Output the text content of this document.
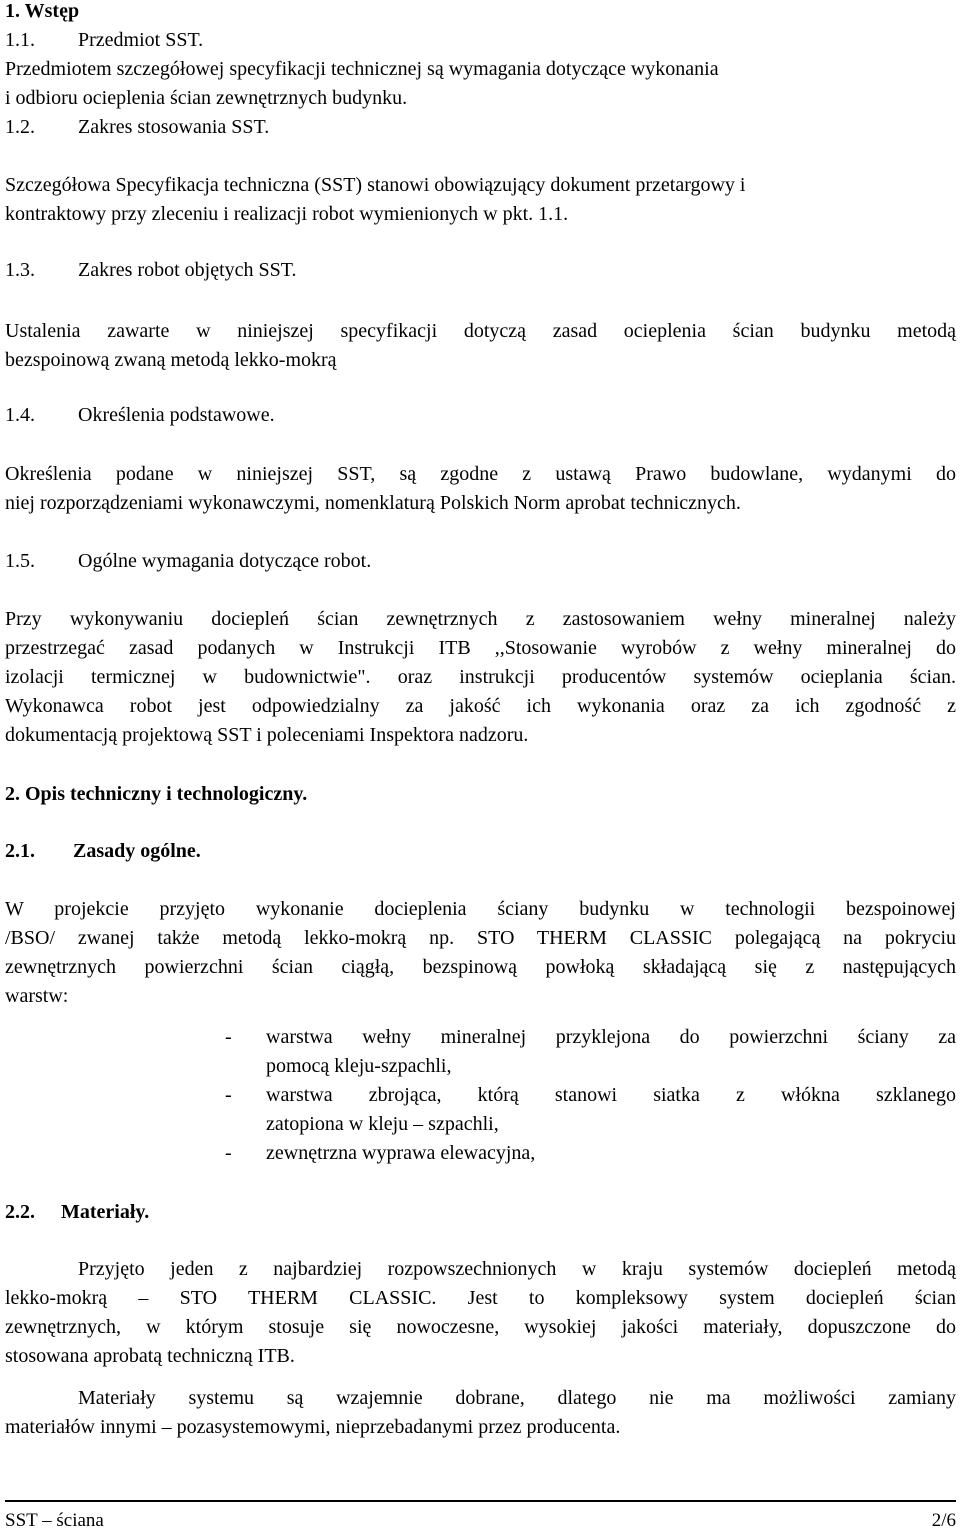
1. Wstęp
1.1. Przedmiot SST.
Przedmiotem szczegółowej specyfikacji technicznej są wymagania dotyczące wykonania
i odbioru ocieplenia ścian zewnętrznych budynku.
1.2. Zakres stosowania SST.
Szczegółowa Specyfikacja techniczna (SST) stanowi obowiązujący dokument przetargowy i
kontraktowy przy zleceniu i realizacji robot wymienionych w pkt. 1.1.
1.3. Zakres robot objętych SST.
Ustalenia zawarte w niniejszej specyfikacji dotyczą zasad ocieplenia ścian budynku metodą
bezspoinową zwaną metodą lekko-mokrą
1.4. Określenia podstawowe.
Określenia podane w niniejszej SST, są zgodne z ustawą Prawo budowlane, wydanymi do
niej rozporządzeniami wykonawczymi, nomenklaturą Polskich Norm aprobat technicznych.
1.5. Ogólne wymagania dotyczące robot.
Przy wykonywaniu dociepleń ścian zewnętrznych z zastosowaniem wełny mineralnej należy
przestrzegać zasad podanych w Instrukcji ITB ,,Stosowanie wyrobów z wełny mineralnej do
izolacji termicznej w budownictwie". oraz instrukcji producentów systemów ocieplania ścian.
Wykonawca robot jest odpowiedzialny za jakość ich wykonania oraz za ich zgodność z
dokumentacją projektową SST i poleceniami Inspektora nadzoru.
2. Opis techniczny i technologiczny.
2.1. Zasady ogólne.
W projekcie przyjęto wykonanie docieplenia ściany budynku w technologii bezspoinowej
/BSO/ zwanej także metodą lekko-mokrą np. STO THERM CLASSIC polegającą na pokryciu
zewnętrznych powierzchni ścian ciągłą, bezspinową powłoką składającą się z następujących
warstw:
- warstwa wełny mineralnej przyklejona do powierzchni ściany za
pomocą kleju-szpachli,
- warstwa zbrojąca, którą stanowi siatka z włókna szklanego
zatopiona w kleju – szpachli,
- zewnętrzna wyprawa elewacyjna,
2.2. Materiały.
Przyjęto jeden z najbardziej rozpowszechnionych w kraju systemów dociepleń metodą
lekko-mokrą – STO THERM CLASSIC. Jest to kompleksowy system dociepleń ścian
zewnętrznych, w którym stosuje się nowoczesne, wysokiej jakości materiały, dopuszczone do
stosowana aprobatą techniczną ITB.
Materiały systemu są wzajemnie dobrane, dlatego nie ma możliwości zamiany
materiałów innymi – pozasystemowymi, nieprzebadanymi przez producenta.
SST – ściana	2/6
